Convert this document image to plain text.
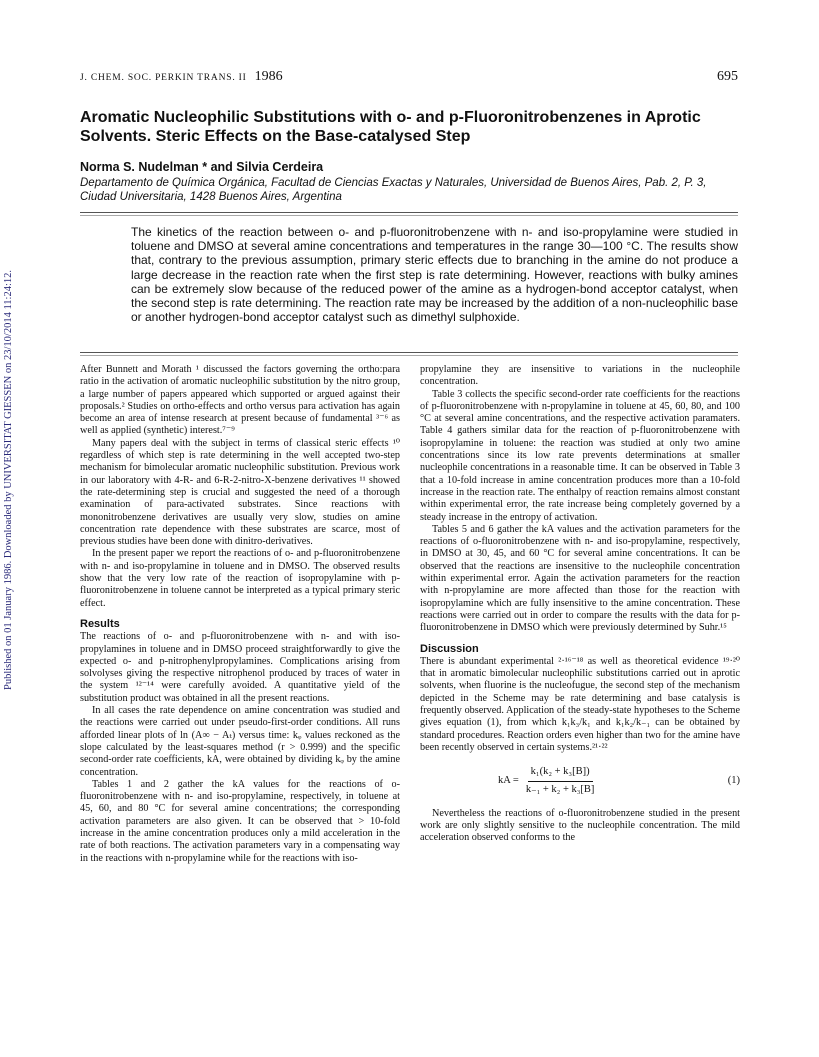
Published on 01 January 1986. Downloaded by UNIVERSITAT GIESSEN on 23/10/2014 11:24:12.
J. CHEM. SOC. PERKIN TRANS. II 1986	695
Aromatic Nucleophilic Substitutions with o- and p-Fluoronitrobenzenes in Aprotic Solvents. Steric Effects on the Base-catalysed Step
Norma S. Nudelman * and Silvia Cerdeira
Departamento de Química Orgánica, Facultad de Ciencias Exactas y Naturales, Universidad de Buenos Aires, Pab. 2, P. 3, Ciudad Universitaria, 1428 Buenos Aires, Argentina

The kinetics of the reaction between o- and p-fluoronitrobenzene with n- and iso-propylamine were studied in toluene and DMSO at several amine concentrations and temperatures in the range 30—100 °C. The results show that, contrary to the previous assumption, primary steric effects due to branching in the amine do not produce a large decrease in the reaction rate when the first step is rate determining. However, reactions with bulky amines can be extremely slow because of the reduced power of the amine as a hydrogen-bond acceptor catalyst, when the second step is rate determining. The reaction rate may be increased by the addition of a non-nucleophilic base or another hydrogen-bond acceptor catalyst such as dimethyl sulphoxide.

After Bunnett and Morath ¹ discussed the factors governing the ortho:para ratio in the activation of aromatic nucleophilic substitution by the nitro group, a large number of papers appeared which supported or argued against their proposals.² Studies on ortho-effects and ortho versus para activation has again become an area of intense research at present because of fundamental ³⁻⁶ as well as applied (synthetic) interest.⁷⁻⁹

Many papers deal with the subject in terms of classical steric effects ¹⁰ regardless of which step is rate determining in the well accepted two-step mechanism for bimolecular aromatic nucleophilic substitution. Previous work in our laboratory with 4-R- and 6-R-2-nitro-X-benzene derivatives ¹¹ showed the rate-determining step is crucial and suggested the need of a thorough examination of para-activated substrates. Since reactions with mononitrobenzene derivatives are usually very slow, studies on amine concentration rate dependence with these substrates are scarce, most of previous studies have been done with dinitro-derivatives.

In the present paper we report the reactions of o- and p-fluoronitrobenzene with n- and iso-propylamine in toluene and in DMSO. The observed results show that the very low rate of the reaction of isopropylamine with p-fluoronitrobenzene in toluene cannot be interpreted as a typical primary steric effect.

Results

The reactions of o- and p-fluoronitrobenzene with n- and with iso-propylamines in toluene and in DMSO proceed straightforwardly to give the expected o- and p-nitrophenylpropylamines. Complications arising from solvolyses giving the respective nitrophenol produced by traces of water in the system ¹²⁻¹⁴ were carefully avoided. A quantitative yield of the substitution product was obtained in all the present reactions.

In all cases the rate dependence on amine concentration was studied and the reactions were carried out under pseudo-first-order conditions. All runs afforded linear plots of ln (A∞ − Aₜ) versus time: kᵩ values reckoned as the slope calculated by the least-squares method (r > 0.999) and the specific second-order rate coefficients, kA, were obtained by dividing kᵩ by the amine concentration.

Tables 1 and 2 gather the kA values for the reactions of o-fluoronitrobenzene with n- and iso-propylamine, respectively, in toluene at 45, 60, and 80 °C for several amine concentrations; the corresponding activation parameters are also given. It can be observed that > 10-fold increase in the amine concentration produces only a mild acceleration in the rate of both reactions. The activation parameters vary in a compensating way in the reactions with n-propylamine while for the reactions with iso-

propylamine they are insensitive to variations in the nucleophile concentration.

Table 3 collects the specific second-order rate coefficients for the reactions of p-fluoronitrobenzene with n-propylamine in toluene at 45, 60, 80, and 100 °C at several amine concentrations, and the respective activation paramaters. Table 4 gathers similar data for the reaction of p-fluoronitrobenzene with isopropylamine in toluene: the reaction was studied at only two amine concentrations since its low rate prevents determinations at smaller nucleophile concentrations in a reasonable time. It can be observed in Table 3 that a 10-fold increase in amine concentration produces more than a 10-fold increase in the reaction rate. The enthalpy of reaction remains almost constant within experimental error, the rate increase being completely governed by a steady increase in the entropy of activation.

Tables 5 and 6 gather the kA values and the activation parameters for the reactions of o-fluoronitrobenzene with n- and iso-propylamine, respectively, in DMSO at 30, 45, and 60 °C for several amine concentrations. It can be observed that the reactions are insensitive to the nucleophile concentration within experimental error. Again the activation parameters for the reaction with n-propylamine are more affected than those for the reaction with isopropylamine which are fully insensitive to the amine concentration. These reactions were carried out in order to compare the results with the data for p-fluoronitrobenzene in DMSO which were previously determined by Suhr.¹⁵

Discussion

There is abundant experimental ²·¹⁶⁻¹⁸ as well as theoretical evidence ¹⁹·²⁰ that in aromatic bimolecular nucleophilic substitutions carried out in aprotic solvents, when fluorine is the nucleofugue, the second step of the mechanism depicted in the Scheme may be rate determining and base catalysis is frequently observed. Application of the steady-state hypotheses to the Scheme gives equation (1), from which k₁k₃/k₁ and k₁k₂/k₋₁ can be obtained by standard procedures. Reaction orders even higher than two for the amine have been recently observed in certain systems.²¹·²²

kA = $\frac{\text{k₁(k₂ + k₃[B])}}{\text{k₋₁ + k₂ + k₃[B]}}$	(1)

Nevertheless the reactions of o-fluoronitrobenzene studied in the present work are only slightly sensitive to the nucleophile concentration. The mild acceleration observed conforms to the
